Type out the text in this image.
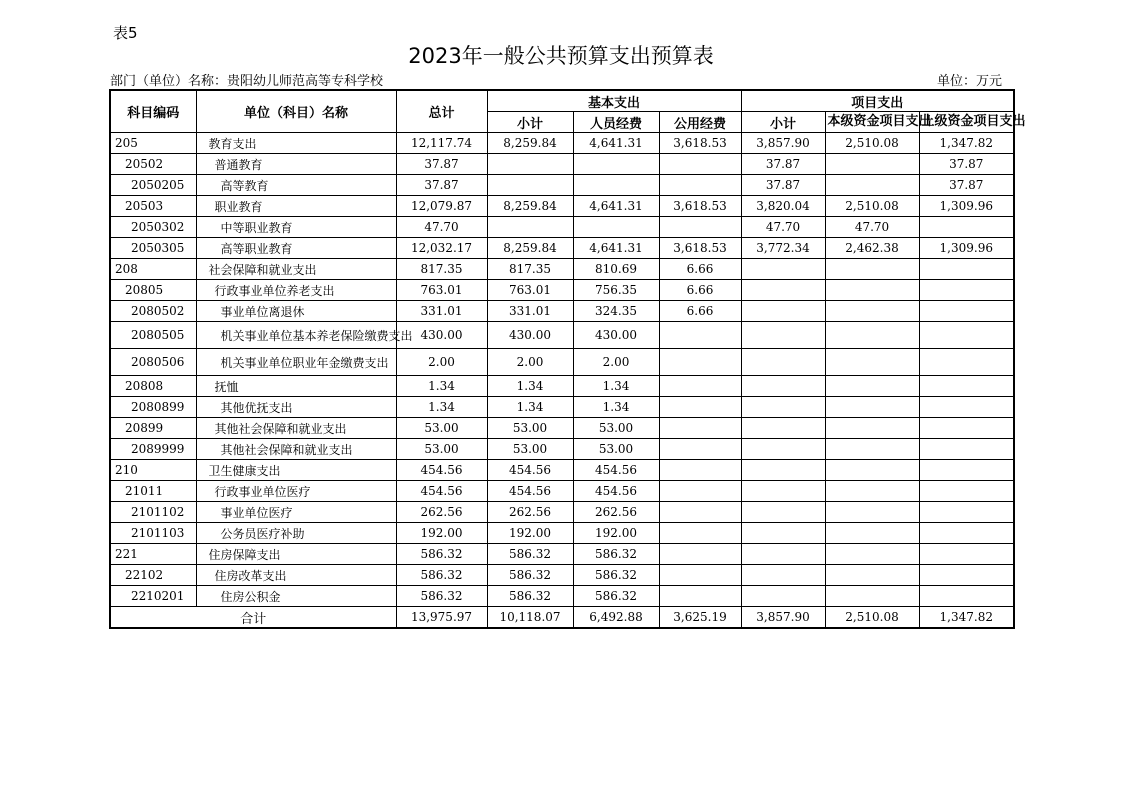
表5
2023年一般公共预算支出预算表
部门（单位）名称：贵阳幼儿师范高等专科学校	单位：万元
科目编码	单位（科目）名称	总计	基本支出			项目支出		
			小计	人员经费	公用经费	小计	本级资金项目支出	上级资金项目支出
205	教育支出	12,117.74	8,259.84	4,641.31	3,618.53	3,857.90	2,510.08	1,347.82
20502	普通教育	37.87				37.87		37.87
2050205	高等教育	37.87				37.87		37.87
20503	职业教育	12,079.87	8,259.84	4,641.31	3,618.53	3,820.04	2,510.08	1,309.96
2050302	中等职业教育	47.70				47.70	47.70	
2050305	高等职业教育	12,032.17	8,259.84	4,641.31	3,618.53	3,772.34	2,462.38	1,309.96
208	社会保障和就业支出	817.35	817.35	810.69	6.66			
20805	行政事业单位养老支出	763.01	763.01	756.35	6.66			
2080502	事业单位离退休	331.01	331.01	324.35	6.66			
2080505	机关事业单位基本养老保险缴费支出	430.00	430.00	430.00				
2080506	机关事业单位职业年金缴费支出	2.00	2.00	2.00				
20808	抚恤	1.34	1.34	1.34				
2080899	其他优抚支出	1.34	1.34	1.34				
20899	其他社会保障和就业支出	53.00	53.00	53.00				
2089999	其他社会保障和就业支出	53.00	53.00	53.00				
210	卫生健康支出	454.56	454.56	454.56				
21011	行政事业单位医疗	454.56	454.56	454.56				
2101102	事业单位医疗	262.56	262.56	262.56				
2101103	公务员医疗补助	192.00	192.00	192.00				
221	住房保障支出	586.32	586.32	586.32				
22102	住房改革支出	586.32	586.32	586.32				
2210201	住房公积金	586.32	586.32	586.32				
合计		13,975.97	10,118.07	6,492.88	3,625.19	3,857.90	2,510.08	1,347.82
